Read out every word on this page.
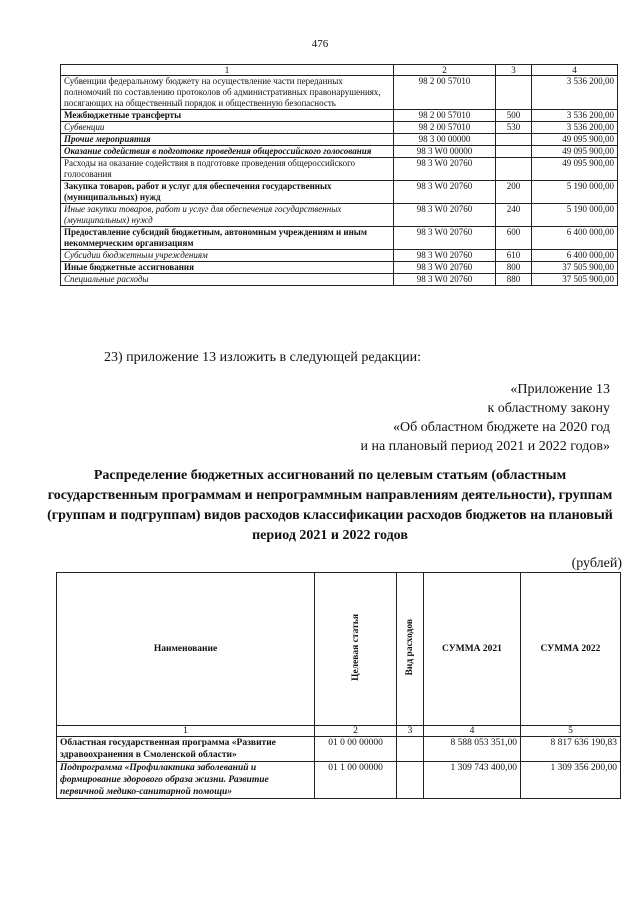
476
1	2	3	4
Субвенции федеральному бюджету на осуществление части переданных полномочий по составлению протоколов об административных правонарушениях, посягающих на общественный порядок и общественную безопасность	98 2 00 57010		3 536 200,00
Межбюджетные трансферты	98 2 00 57010	500	3 536 200,00
Субвенции	98 2 00 57010	530	3 536 200,00
Прочие мероприятия	98 3 00 00000		49 095 900,00
Оказание содействия в подготовке проведения общероссийского голосования	98 3 W0 00000		49 095 900,00
Расходы на оказание содействия в подготовке проведения общероссийского голосования	98 3 W0 20760		49 095 900,00
Закупка товаров, работ и услуг для обеспечения государственных (муниципальных) нужд	98 3 W0 20760	200	5 190 000,00
Иные закупки товаров, работ и услуг для обеспечения государственных (муниципальных) нужд	98 3 W0 20760	240	5 190 000,00
Предоставление субсидий бюджетным, автономным учреждениям и иным некоммерческим организациям	98 3 W0 20760	600	6 400 000,00
Субсидии бюджетным учреждениям	98 3 W0 20760	610	6 400 000,00
Иные бюджетные ассигнования	98 3 W0 20760	800	37 505 900,00
Специальные расходы	98 3 W0 20760	880	37 505 900,00
23) приложение 13 изложить в следующей редакции:
«Приложение 13
к областному закону
«Об областном бюджете на 2020 год
и на плановый период 2021 и 2022 годов»
Распределение бюджетных ассигнований по целевым статьям (областным государственным программам и непрограммным направлениям деятельности), группам (группам и подгруппам) видов расходов классификации расходов бюджетов на плановый период 2021 и 2022 годов
(рублей)
Наименование	Целевая статья	Вид расходов	СУММА 2021	СУММА 2022
1	2	3	4	5
Областная государственная программа «Развитие здравоохранения в Смоленской области»	01 0 00 00000		8 588 053 351,00	8 817 636 190,83
Подпрограмма «Профилактика заболеваний и формирование здорового образа жизни. Развитие первичной медико-санитарной помощи»	01 1 00 00000		1 309 743 400,00	1 309 356 200,00
